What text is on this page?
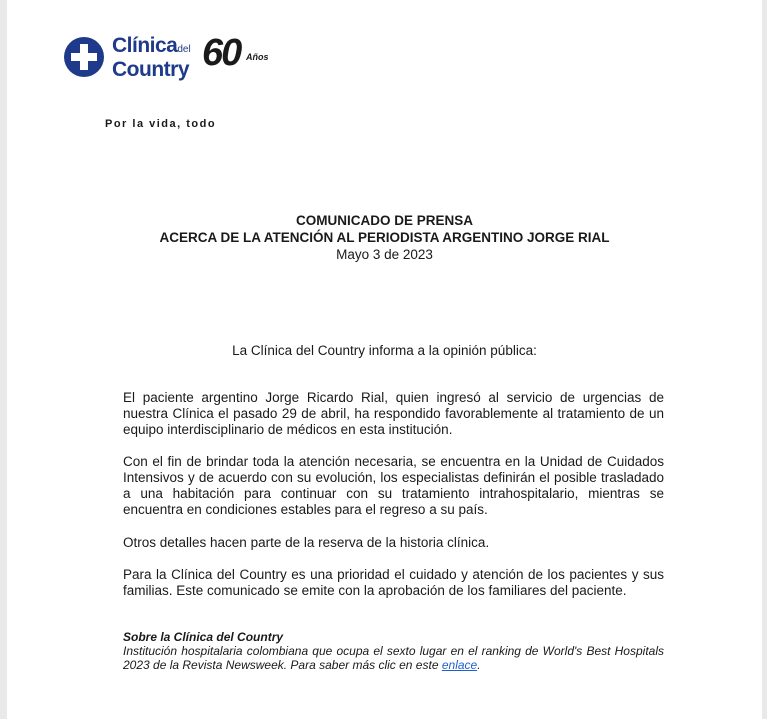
Clínicadel
Country 60 Años
Por la vida, todo
COMUNICADO DE PRENSA
ACERCA DE LA ATENCIÓN AL PERIODISTA ARGENTINO JORGE RIAL
Mayo 3 de 2023
La Clínica del Country informa a la opinión pública:
El paciente argentino Jorge Ricardo Rial, quien ingresó al servicio de urgencias de nuestra Clínica el pasado 29 de abril, ha respondido favorablemente al tratamiento de un equipo interdisciplinario de médicos en esta institución.
Con el fin de brindar toda la atención necesaria, se encuentra en la Unidad de Cuidados Intensivos y de acuerdo con su evolución, los especialistas definirán el posible trasladado a una habitación para continuar con su tratamiento intrahospitalario, mientras se encuentra en condiciones estables para el regreso a su país.
Otros detalles hacen parte de la reserva de la historia clínica.
Para la Clínica del Country es una prioridad el cuidado y atención de los pacientes y sus familias. Este comunicado se emite con la aprobación de los familiares del paciente.
Sobre la Clínica del Country
Institución hospitalaria colombiana que ocupa el sexto lugar en el ranking de World's Best Hospitals 2023 de la Revista Newsweek. Para saber más clic en este enlace.
